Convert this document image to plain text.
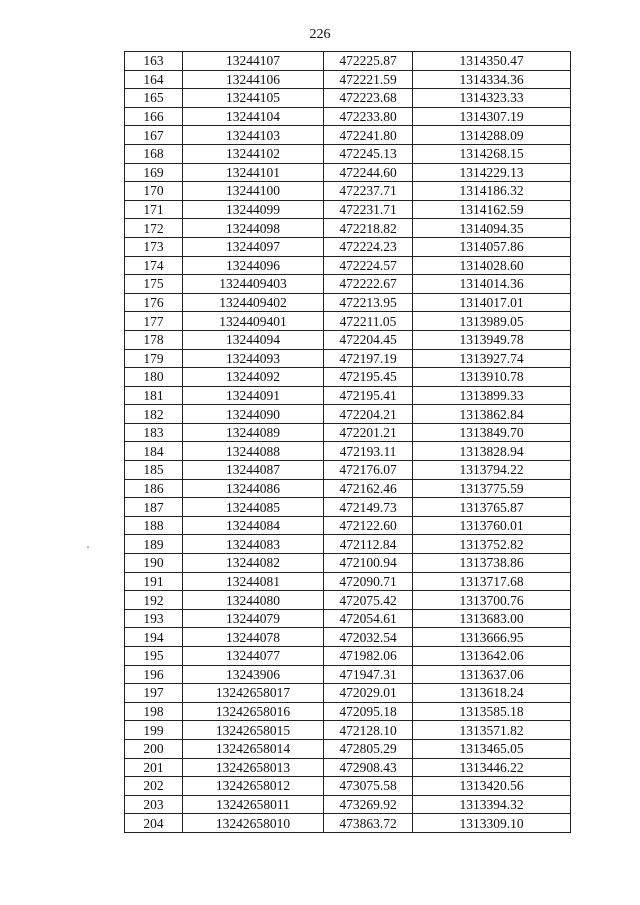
226
163	13244107	472225.87	1314350.47
164	13244106	472221.59	1314334.36
165	13244105	472223.68	1314323.33
166	13244104	472233.80	1314307.19
167	13244103	472241.80	1314288.09
168	13244102	472245.13	1314268.15
169	13244101	472244.60	1314229.13
170	13244100	472237.71	1314186.32
171	13244099	472231.71	1314162.59
172	13244098	472218.82	1314094.35
173	13244097	472224.23	1314057.86
174	13244096	472224.57	1314028.60
175	1324409403	472222.67	1314014.36
176	1324409402	472213.95	1314017.01
177	1324409401	472211.05	1313989.05
178	13244094	472204.45	1313949.78
179	13244093	472197.19	1313927.74
180	13244092	472195.45	1313910.78
181	13244091	472195.41	1313899.33
182	13244090	472204.21	1313862.84
183	13244089	472201.21	1313849.70
184	13244088	472193.11	1313828.94
185	13244087	472176.07	1313794.22
186	13244086	472162.46	1313775.59
187	13244085	472149.73	1313765.87
188	13244084	472122.60	1313760.01
189	13244083	472112.84	1313752.82
190	13244082	472100.94	1313738.86
191	13244081	472090.71	1313717.68
192	13244080	472075.42	1313700.76
193	13244079	472054.61	1313683.00
194	13244078	472032.54	1313666.95
195	13244077	471982.06	1313642.06
196	13243906	471947.31	1313637.06
197	13242658017	472029.01	1313618.24
198	13242658016	472095.18	1313585.18
199	13242658015	472128.10	1313571.82
200	13242658014	472805.29	1313465.05
201	13242658013	472908.43	1313446.22
202	13242658012	473075.58	1313420.56
203	13242658011	473269.92	1313394.32
204	13242658010	473863.72	1313309.10
